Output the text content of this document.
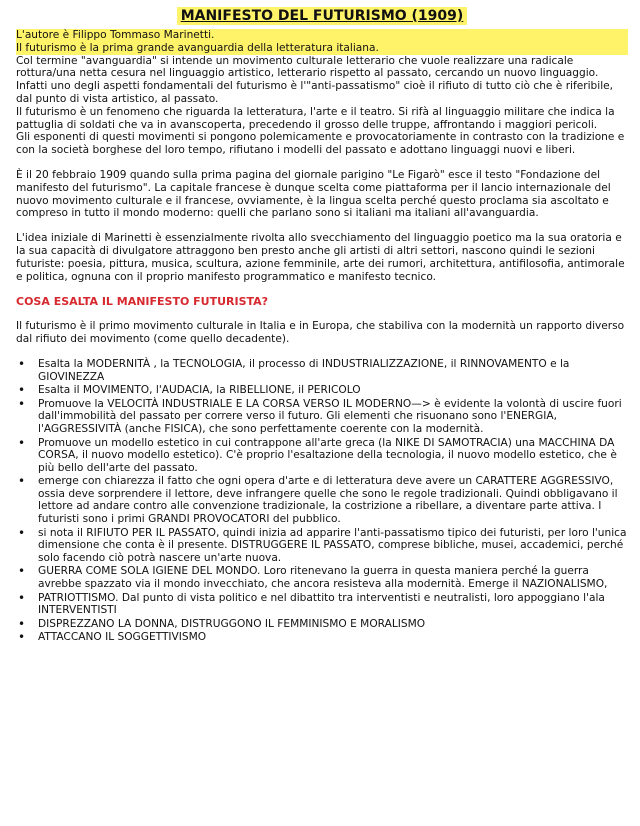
MANIFESTO DEL FUTURISMO (1909)

L'autore è Filippo Tommaso Marinetti.

Il futurismo è la prima grande avanguardia della letteratura italiana.

Col termine "avanguardia" si intende un movimento culturale letterario che vuole realizzare una radicale rottura/una netta cesura nel linguaggio artistico, letterario rispetto al passato, cercando un nuovo linguaggio. Infatti uno degli aspetti fondamentali del futurismo è l'"anti-passatismo" cioè il rifiuto di tutto ciò che è riferibile, dal punto di vista artistico, al passato.

Il futurismo è un fenomeno che riguarda la letteratura, l'arte e il teatro. Si rifà al linguaggio militare che indica la pattuglia di soldati che va in avanscoperta, precedendo il grosso delle truppe, affrontando i maggiori pericoli.

Gli esponenti di questi movimenti si pongono polemicamente e provocatoriamente in contrasto con la tradizione e con la società borghese del loro tempo, rifiutano i modelli del passato e adottano linguaggi nuovi e liberi.

È il 20 febbraio 1909 quando sulla prima pagina del giornale parigino "Le Figarò" esce il testo "Fondazione del manifesto del futurismo". La capitale francese è dunque scelta come piattaforma per il lancio internazionale del nuovo movimento culturale e il francese, ovviamente, è la lingua scelta perché questo proclama sia ascoltato e compreso in tutto il mondo moderno: quelli che parlano sono si italiani ma italiani all'avanguardia.

L'idea iniziale di Marinetti è essenzialmente rivolta allo svecchiamento del linguaggio poetico ma la sua oratoria e la sua capacità di divulgatore attraggono ben presto anche gli artisti di altri settori, nascono quindi le sezioni futuriste: poesia, pittura, musica, scultura, azione femminile, arte dei rumori, architettura, antifilosofia, antimorale e politica, ognuna con il proprio manifesto programmatico e manifesto tecnico.

COSA ESALTA IL MANIFESTO FUTURISTA?

Il futurismo è il primo movimento culturale in Italia e in Europa, che stabiliva con la modernità un rapporto diverso dal rifiuto dei movimento (come quello decadente).

• Esalta la MODERNITÀ , la TECNOLOGIA, il processo di INDUSTRIALIZZAZIONE, il RINNOVAMENTO e la GIOVINEZZA
• Esalta il MOVIMENTO, l'AUDACIA, la RIBELLIONE, il PERICOLO
• Promuove la VELOCITÀ INDUSTRIALE E LA CORSA VERSO IL MODERNO—> è evidente la volontà di uscire fuori dall'immobilità del passato per correre verso il futuro. Gli elementi che risuonano sono l'ENERGIA, l'AGGRESSIVITÀ (anche FISICA), che sono perfettamente coerente con la modernità.
• Promuove un modello estetico in cui contrappone all'arte greca (la NIKE DI SAMOTRACIA) una MACCHINA DA CORSA, il nuovo modello estetico). C'è proprio l'esaltazione della tecnologia, il nuovo modello estetico, che è più bello dell'arte del passato.
• emerge con chiarezza il fatto che ogni opera d'arte e di letteratura deve avere un CARATTERE AGGRESSIVO, ossia deve sorprendere il lettore, deve infrangere quelle che sono le regole tradizionali. Quindi obbligavano il lettore ad andare contro alle convenzione tradizionale, la costrizione a ribellare, a diventare parte attiva. I futuristi sono i primi GRANDI PROVOCATORI del pubblico.
• si nota il RIFIUTO PER IL PASSATO, quindi inizia ad apparire l'anti-passatismo tipico dei futuristi, per loro l'unica dimensione che conta è il presente. DISTRUGGERE IL PASSATO, comprese bibliche, musei, accademici, perché solo facendo ciò potrà nascere un'arte nuova.
• GUERRA COME SOLA IGIENE DEL MONDO. Loro ritenevano la guerra in questa maniera perché la guerra avrebbe spazzato via il mondo invecchiato, che ancora resisteva alla modernità. Emerge il NAZIONALISMO,
• PATRIOTTISMO. Dal punto di vista politico e nel dibattito tra interventisti e neutralisti, loro appoggiano l'ala INTERVENTISTI
• DISPREZZANO LA DONNA, DISTRUGGONO IL FEMMINISMO E MORALISMO
• ATTACCANO IL SOGGETTIVISMO
